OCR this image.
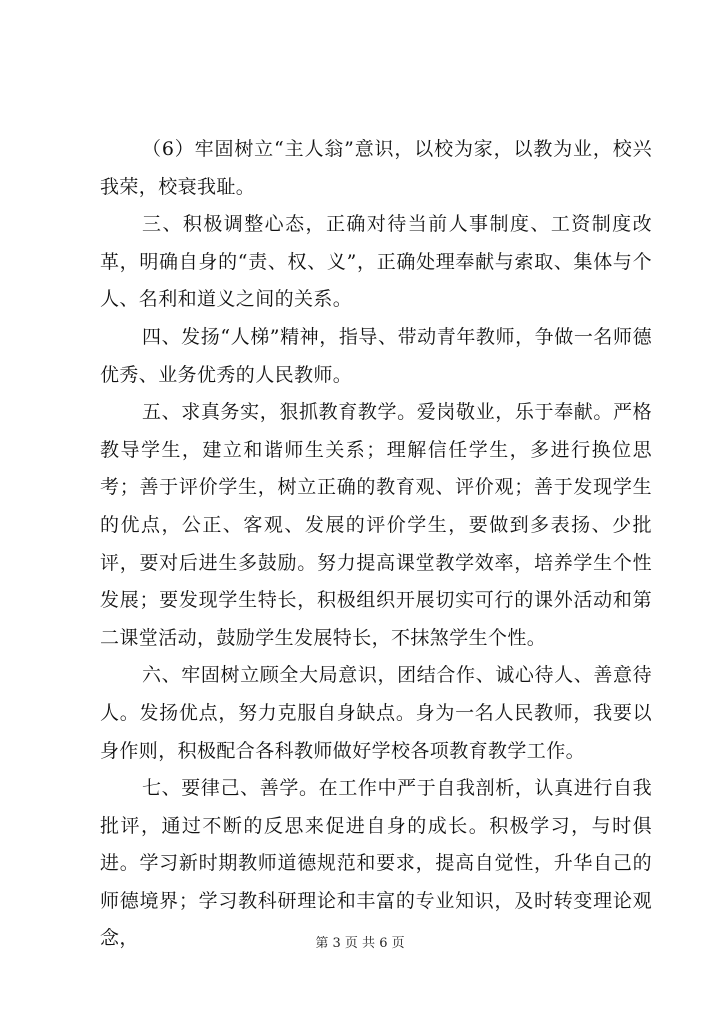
（6）牢固树立“主人翁”意识，以校为家，以教为业，校兴我荣，校衰我耻。

三、积极调整心态，正确对待当前人事制度、工资制度改革，明确自身的“责、权、义”，正确处理奉献与索取、集体与个人、名利和道义之间的关系。

四、发扬“人梯”精神，指导、带动青年教师，争做一名师德优秀、业务优秀的人民教师。

五、求真务实，狠抓教育教学。爱岗敬业，乐于奉献。严格教导学生，建立和谐师生关系；理解信任学生，多进行换位思考；善于评价学生，树立正确的教育观、评价观；善于发现学生的优点，公正、客观、发展的评价学生，要做到多表扬、少批评，要对后进生多鼓励。努力提高课堂教学效率，培养学生个性发展；要发现学生特长，积极组织开展切实可行的课外活动和第二课堂活动，鼓励学生发展特长，不抹煞学生个性。

六、牢固树立顾全大局意识，团结合作、诚心待人、善意待人。发扬优点，努力克服自身缺点。身为一名人民教师，我要以身作则，积极配合各科教师做好学校各项教育教学工作。

七、要律己、善学。在工作中严于自我剖析，认真进行自我批评，通过不断的反思来促进自身的成长。积极学习，与时俱进。学习新时期教师道德规范和要求，提高自觉性，升华自己的师德境界；学习教科研理论和丰富的专业知识，及时转变理论观念，	第 3 页 共 6 页
